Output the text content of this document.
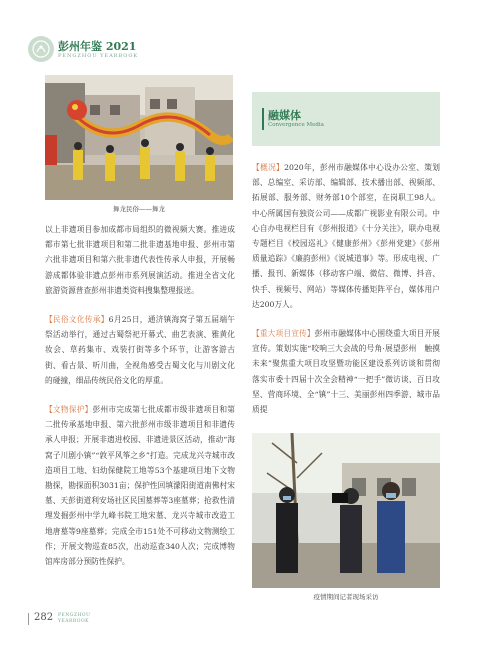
彭州年鉴 2021
PENGZHOU YEARBOOK
舞龙民俗——舞龙

以上非遗项目参加成都市局组织的微视频大赛。推进成都市第七批非遗项目和第二批非遗基地申报、彭州市第六批非遗项目和第六批非遗代表性传承人申报，开展畅游成都体验非遗点彭州市系列展演活动。推进全省文化旅游资源普查彭州非遗类资料搜集整理报送。

【民俗文化传承】6月25日，通济镇海窝子第五届端午祭活动举行，通过古蜀祭祀开幕式、曲艺表演、雅黄化妆会、草药集市、戏装打街等多个环节，让游客游古街、看古景、听川曲，全视角感受古蜀文化与川剧文化的碰撞，细品传统民俗文化的厚重。

【文物保护】彭州市完成第七批成都市级非遗项目和第二批传承基地申报、第六批彭州市级非遗项目和非遗传承人申报；开展非遗进校园、非遗进景区活动，推动“海窝子川剧小镇”“敦平风筝之乡”打造。完成龙兴寺城市改造项目工地、妇幼保健院工地等53个基建项目地下文物勘探，勘探面积3031亩；保护性回填濛阳街道南佛村宋墓、天彭街道利安场社区民国墓葬等3座墓葬；抢救性清理发掘彭州中学九峰书院工地宋墓、龙兴寺城市改造工地唐墓等9座墓葬；完成全市151处不可移动文物测绘工作；开展文物巡查85次，出动巡查340人次；完成博物馆库房部分预防性保护。

融媒体
Convergence Media

【概况】2020年，彭州市融媒体中心设办公室、策划部、总编室、采访部、编辑部、技术播出部、视频部、拓展部、服务部、财务部10个部室，在岗职工98人。中心所属国有独资公司——成都广视影业有限公司。中心自办电视栏目有《彭州报道》《十分关注》，联办电视专题栏目《校园巡礼》《健康彭州》《彭州党建》《彭州质量追踪》《廉韵彭州》《说城道事》等。形成电视、广播、报刊、新媒体（移动客户端、微信、微博、抖音、快手、视频号、网站）等媒体传播矩阵平台，媒体用户达200万人。

【重大项目宣传】彭州市融媒体中心围绕重大项目开展宣传。策划实施“咬响三大会战的号角·展望彭州　触摸未来”聚焦重大项目攻坚暨功能区建设系列访谈和贯彻落实市委十四届十次全会精神“一把手”微访谈、百日攻坚、营商环境、全“镇”十三、美丽彭州四季游、城市品质提

疫情期间记者现场采访
282 PENGZHOU
YEARBOOK
